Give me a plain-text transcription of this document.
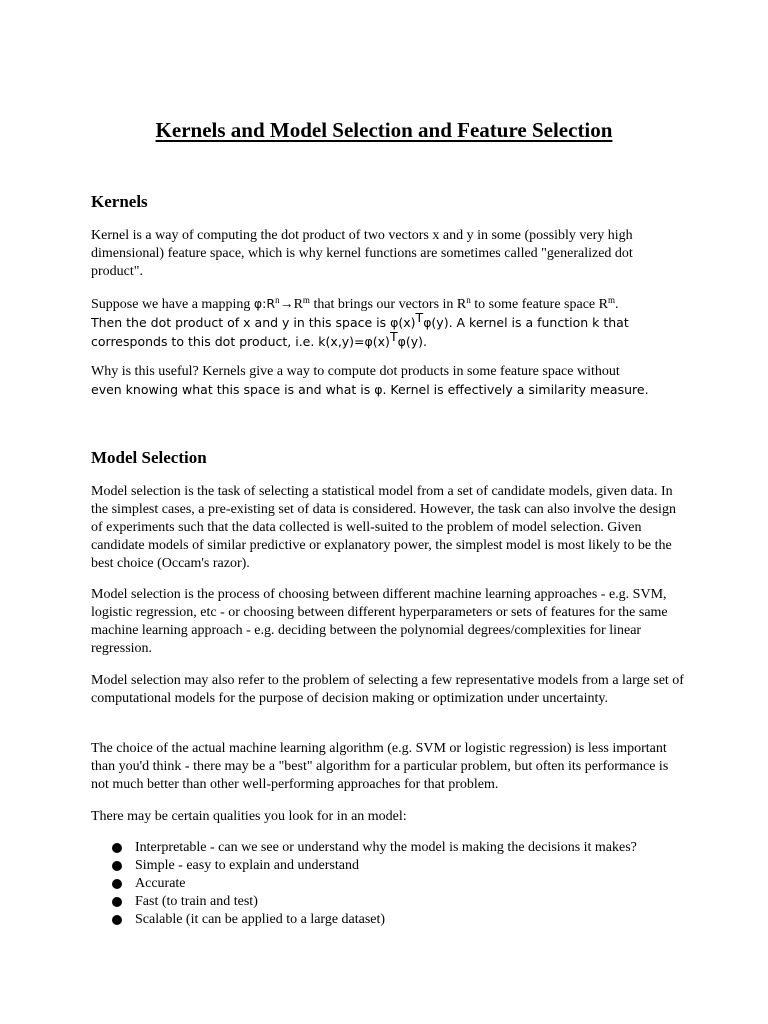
Kernels and Model Selection and Feature Selection
Kernels

Kernel is a way of computing the dot product of two vectors x and y in some (possibly very high dimensional) feature space, which is why kernel functions are sometimes called "generalized dot product".

Suppose we have a mapping $\varphi:R^n\to R^m$ that brings our vectors in $R^n$ to some feature space $R^m$.
Then the dot product of x and y in this space is $\varphi(x)^T\varphi(y)$. A kernel is a function k that corresponds to this dot product, i.e. $k(x,y)=\varphi(x)^T\varphi(y)$.

Why is this useful? Kernels give a way to compute dot products in some feature space without
even knowing what this space is and what is φ. Kernel is effectively a similarity measure.

Model Selection

Model selection is the task of selecting a statistical model from a set of candidate models, given data. In the simplest cases, a pre-existing set of data is considered. However, the task can also involve the design of experiments such that the data collected is well-suited to the problem of model selection. Given candidate models of similar predictive or explanatory power, the simplest model is most likely to be the best choice (Occam's razor).

Model selection is the process of choosing between different machine learning approaches - e.g. SVM, logistic regression, etc - or choosing between different hyperparameters or sets of features for the same machine learning approach - e.g. deciding between the polynomial degrees/complexities for linear regression.

Model selection may also refer to the problem of selecting a few representative models from a large set of computational models for the purpose of decision making or optimization under uncertainty.

The choice of the actual machine learning algorithm (e.g. SVM or logistic regression) is less important than you'd think - there may be a "best" algorithm for a particular problem, but often its performance is not much better than other well-performing approaches for that problem.

There may be certain qualities you look for in an model:

Interpretable - can we see or understand why the model is making the decisions it makes?
Simple - easy to explain and understand
Accurate
Fast (to train and test)
Scalable (it can be applied to a large dataset)
